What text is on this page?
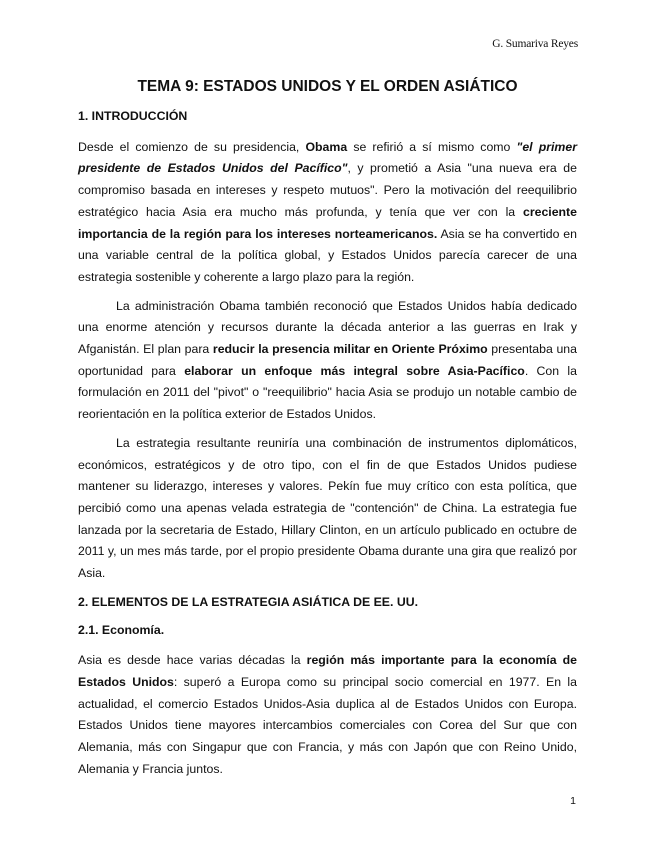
G. Sumariva Reyes
TEMA 9: ESTADOS UNIDOS Y EL ORDEN ASIÁTICO
1. INTRODUCCIÓN

Desde el comienzo de su presidencia, Obama se refirió a sí mismo como "el primer presidente de Estados Unidos del Pacífico", y prometió a Asia "una nueva era de compromiso basada en intereses y respeto mutuos". Pero la motivación del reequilibrio estratégico hacia Asia era mucho más profunda, y tenía que ver con la creciente importancia de la región para los intereses norteamericanos. Asia se ha convertido en una variable central de la política global, y Estados Unidos parecía carecer de una estrategia sostenible y coherente a largo plazo para la región.

La administración Obama también reconoció que Estados Unidos había dedicado una enorme atención y recursos durante la década anterior a las guerras en Irak y Afganistán. El plan para reducir la presencia militar en Oriente Próximo presentaba una oportunidad para elaborar un enfoque más integral sobre Asia-Pacífico. Con la formulación en 2011 del "pivot" o "reequilibrio" hacia Asia se produjo un notable cambio de reorientación en la política exterior de Estados Unidos.

La estrategia resultante reuniría una combinación de instrumentos diplomáticos, económicos, estratégicos y de otro tipo, con el fin de que Estados Unidos pudiese mantener su liderazgo, intereses y valores. Pekín fue muy crítico con esta política, que percibió como una apenas velada estrategia de "contención" de China. La estrategia fue lanzada por la secretaria de Estado, Hillary Clinton, en un artículo publicado en octubre de 2011 y, un mes más tarde, por el propio presidente Obama durante una gira que realizó por Asia.

2. ELEMENTOS DE LA ESTRATEGIA ASIÁTICA DE EE. UU.
2.1. Economía.

Asia es desde hace varias décadas la región más importante para la economía de Estados Unidos: superó a Europa como su principal socio comercial en 1977. En la actualidad, el comercio Estados Unidos-Asia duplica al de Estados Unidos con Europa. Estados Unidos tiene mayores intercambios comerciales con Corea del Sur que con Alemania, más con Singapur que con Francia, y más con Japón que con Reino Unido, Alemania y Francia juntos.

1
